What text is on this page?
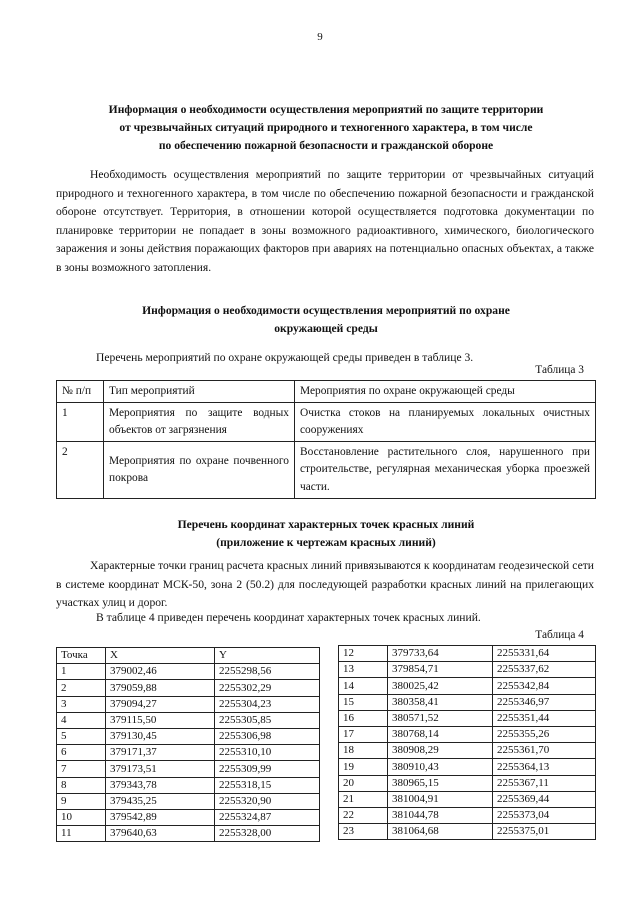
9
Информация о необходимости осуществления мероприятий по защите территории
от чрезвычайных ситуаций природного и техногенного характера, в том числе
по обеспечению пожарной безопасности и гражданской обороне

Необходимость осуществления мероприятий по защите территории от чрезвычайных ситуаций природного и техногенного характера, в том числе по обеспечению пожарной безопасности и гражданской обороне отсутствует. Территория, в отношении которой осуществляется подготовка документации по планировке территории не попадает в зоны возможного радиоактивного, химического, биологического заражения и зоны действия поражающих факторов при авариях на потенциально опасных объектах, а также в зоны возможного затопления.

Информация о необходимости осуществления мероприятий по охране
окружающей среды
Перечень мероприятий по охране окружающей среды приведен в таблице 3.
Таблица 3
№ п/п	Тип мероприятий	Мероприятия по охране окружающей среды
1	Мероприятия по защите водных объектов от загрязнения	Очистка стоков на планируемых локальных очистных сооружениях
2	Мероприятия по охране почвенного покрова	Восстановление растительного слоя, нарушенного при строительстве, регулярная механическая уборка проезжей части.
Перечень координат характерных точек красных линий
(приложение к чертежам красных линий)

Характерные точки границ расчета красных линий привязываются к координатам геодезической сети в системе координат МСК-50, зона 2 (50.2) для последующей разработки красных линий на прилегающих участках улиц и дорог.

В таблице 4 приведен перечень координат характерных точек красных линий.
Таблица 4
Точка	X	Y
1	379002,46	2255298,56
2	379059,88	2255302,29
3	379094,27	2255304,23
4	379115,50	2255305,85
5	379130,45	2255306,98
6	379171,37	2255310,10
7	379173,51	2255309,99
8	379343,78	2255318,15
9	379435,25	2255320,90
10	379542,89	2255324,87
11	379640,63	2255328,00
12	379733,64	2255331,64
13	379854,71	2255337,62
14	380025,42	2255342,84
15	380358,41	2255346,97
16	380571,52	2255351,44
17	380768,14	2255355,26
18	380908,29	2255361,70
19	380910,43	2255364,13
20	380965,15	2255367,11
21	381004,91	2255369,44
22	381044,78	2255373,04
23	381064,68	2255375,01
